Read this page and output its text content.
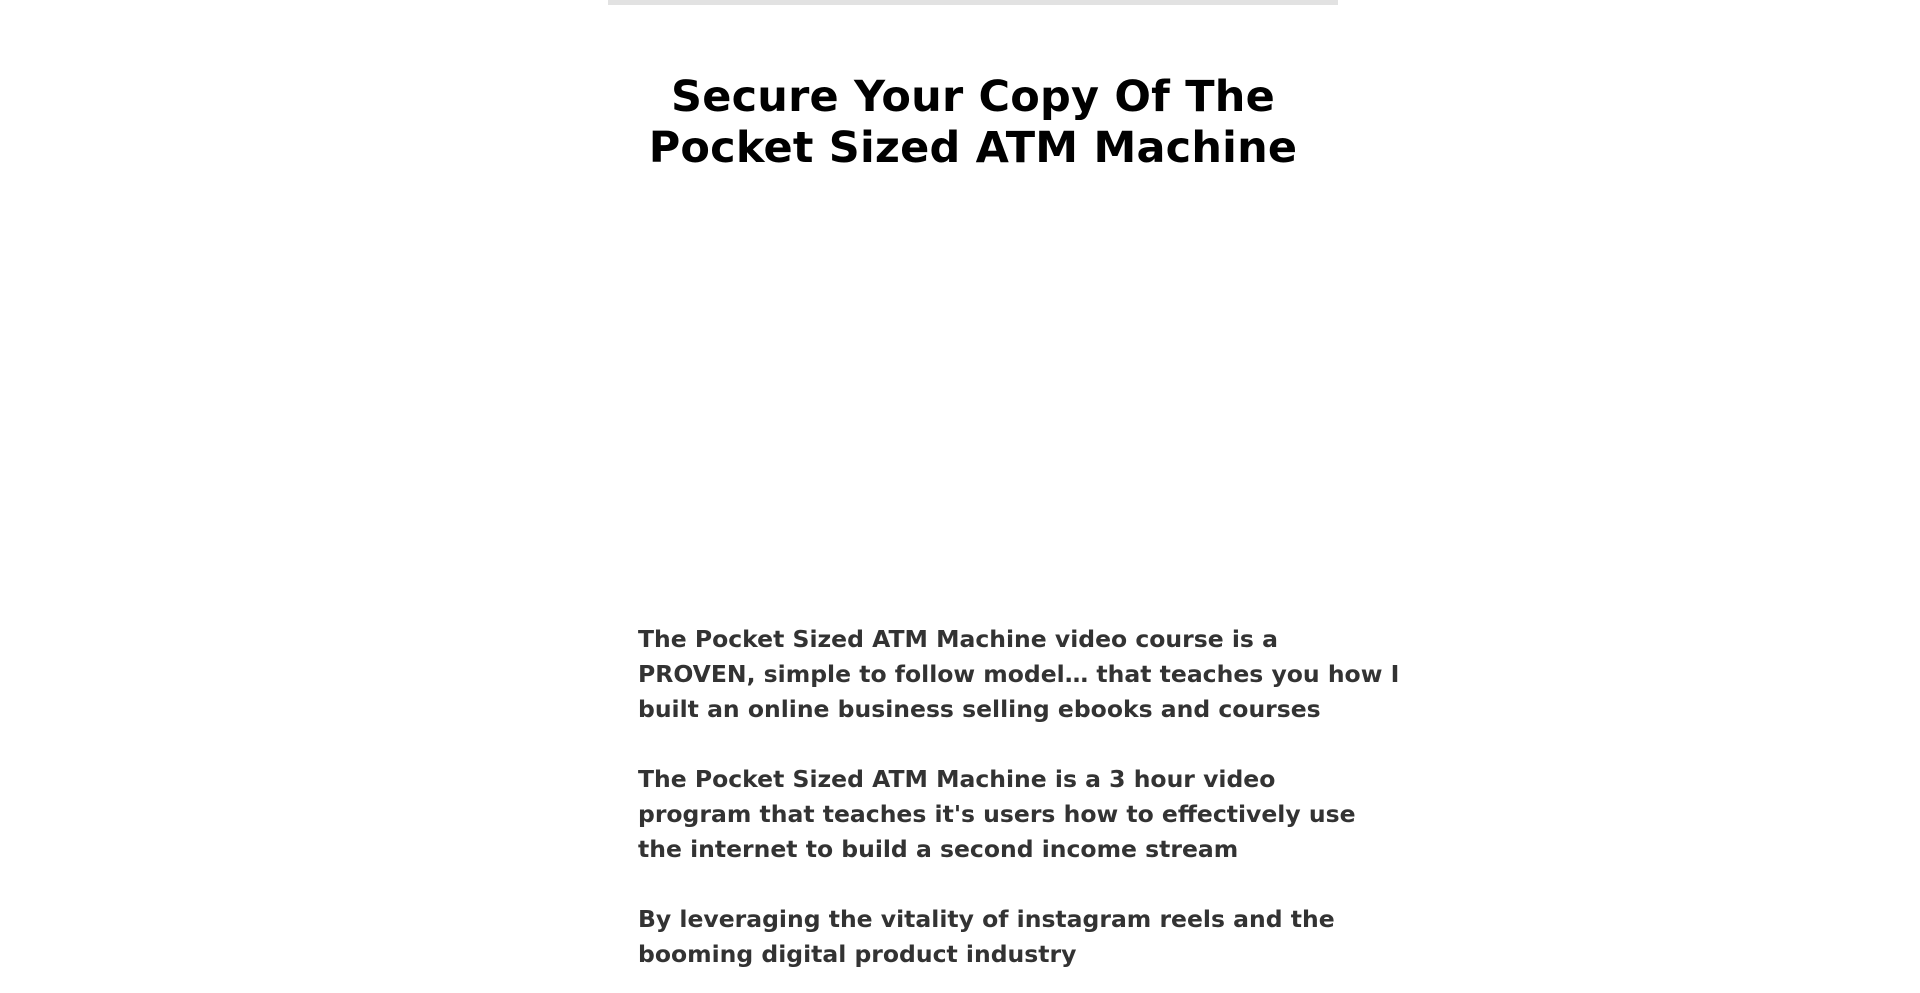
Secure Your Copy Of The
Pocket Sized ATM Machine

The Pocket Sized ATM Machine video course is a
PROVEN, simple to follow model… that teaches you how I
built an online business selling ebooks and courses

The Pocket Sized ATM Machine is a 3 hour video
program that teaches it's users how to effectively use
the internet to build a second income stream

By leveraging the vitality of instagram reels and the
booming digital product industry
